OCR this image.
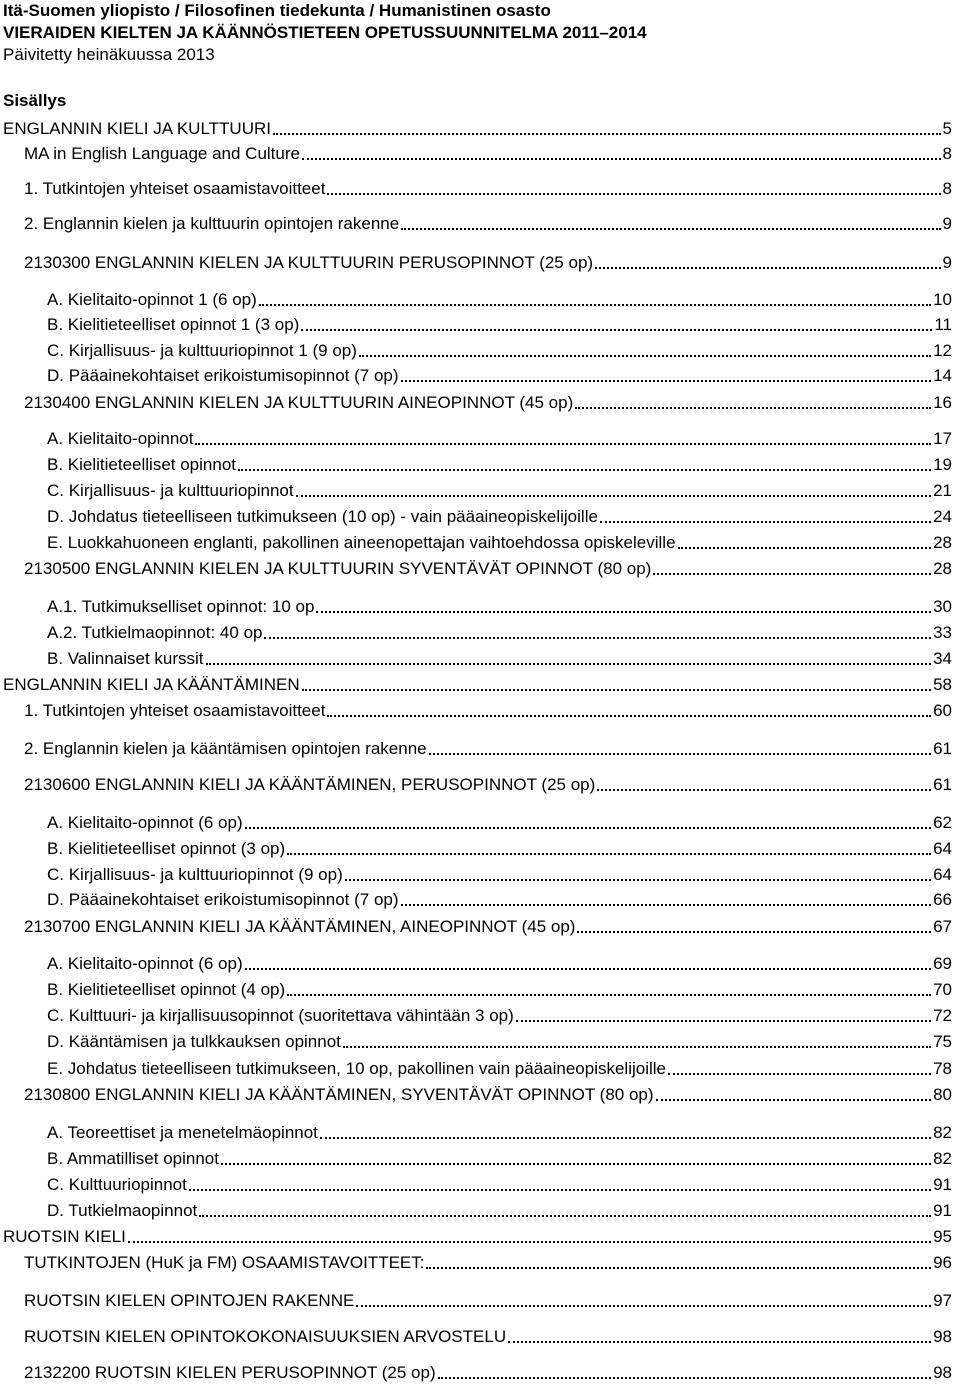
Itä-Suomen yliopisto / Filosofinen tiedekunta / Humanistinen osasto
VIERAIDEN KIELTEN JA KÄÄNNÖSTIETEEN OPETUSSUUNNITELMA 2011–2014
Päivitetty heinäkuussa 2013
Sisällys
ENGLANNIN KIELI JA KULTTUURI	5
MA in English Language and Culture	8
1. Tutkintojen yhteiset osaamistavoitteet	8
2. Englannin kielen ja kulttuurin opintojen rakenne	9
2130300 ENGLANNIN KIELEN JA KULTTUURIN PERUSOPINNOT (25 op)	9
A. Kielitaito-opinnot 1 (6 op)	10
B. Kielitieteelliset opinnot 1 (3 op)	11
C. Kirjallisuus- ja kulttuuriopinnot 1 (9 op)	12
D. Pääainekohtaiset erikoistumisopinnot (7 op)	14
2130400 ENGLANNIN KIELEN JA KULTTUURIN AINEOPINNOT (45 op)	16
A. Kielitaito-opinnot	17
B. Kielitieteelliset opinnot	19
C. Kirjallisuus- ja kulttuuriopinnot	21
D. Johdatus tieteelliseen tutkimukseen (10 op) - vain pääaineopiskelijoille	24
E. Luokkahuoneen englanti, pakollinen aineenopettajan vaihtoehdossa opiskeleville	28
2130500 ENGLANNIN KIELEN JA KULTTUURIN SYVENTÄVÄT OPINNOT (80 op)	28
A.1. Tutkimukselliset opinnot: 10 op	30
A.2. Tutkielmaopinnot: 40 op	33
B. Valinnaiset kurssit	34
ENGLANNIN KIELI JA KÄÄNTÄMINEN	58
1. Tutkintojen yhteiset osaamistavoitteet	60
2. Englannin kielen ja kääntämisen opintojen rakenne	61
2130600 ENGLANNIN KIELI JA KÄÄNTÄMINEN, PERUSOPINNOT (25 op)	61
A. Kielitaito-opinnot (6 op)	62
B. Kielitieteelliset opinnot (3 op)	64
C. Kirjallisuus- ja kulttuuriopinnot (9 op)	64
D. Pääainekohtaiset erikoistumisopinnot (7 op)	66
2130700 ENGLANNIN KIELI JA KÄÄNTÄMINEN, AINEOPINNOT (45 op)	67
A. Kielitaito-opinnot (6 op)	69
B. Kielitieteelliset opinnot (4 op)	70
C. Kulttuuri- ja kirjallisuusopinnot (suoritettava vähintään 3 op)	72
D. Kääntämisen ja tulkkauksen opinnot	75
E. Johdatus tieteelliseen tutkimukseen, 10 op, pakollinen vain pääaineopiskelijoille	78
2130800 ENGLANNIN KIELI JA KÄÄNTÄMINEN, SYVENTÄVÄT OPINNOT (80 op)	80
A. Teoreettiset ja menetelmäopinnot	82
B. Ammatilliset opinnot	82
C. Kulttuuriopinnot	91
D. Tutkielmaopinnot	91
RUOTSIN KIELI	95
TUTKINTOJEN (HuK ja FM) OSAAMISTAVOITTEET:	96
RUOTSIN KIELEN OPINTOJEN RAKENNE	97
RUOTSIN KIELEN OPINTOKOKONAISUUKSIEN ARVOSTELU	98
2132200 RUOTSIN KIELEN PERUSOPINNOT (25 op)	98
